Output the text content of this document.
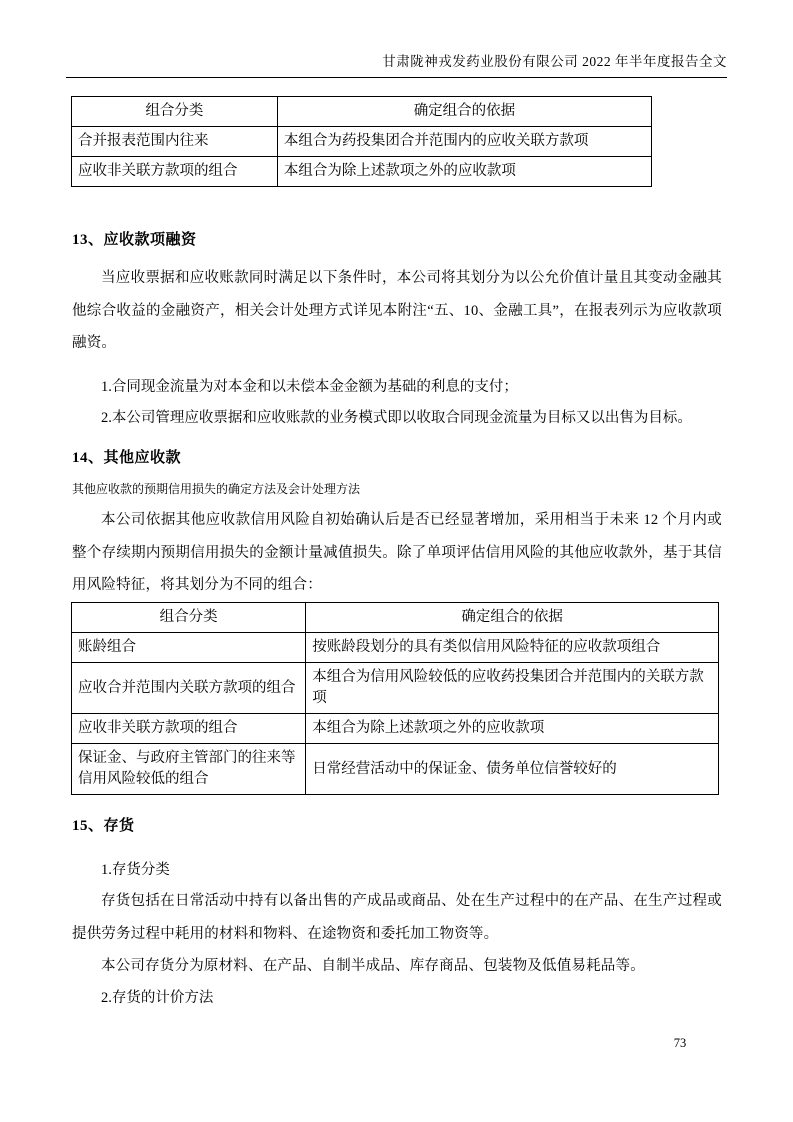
甘肃陇神戎发药业股份有限公司 2022 年半年度报告全文
组合分类	确定组合的依据
合并报表范围内往来	本组合为药投集团合并范围内的应收关联方款项
应收非关联方款项的组合	本组合为除上述款项之外的应收款项
13、应收款项融资
当应收票据和应收账款同时满足以下条件时，本公司将其划分为以公允价值计量且其变动金融其他综合收益的金融资产，相关会计处理方式详见本附注“五、10、金融工具”，在报表列示为应收款项融资。
1.合同现金流量为对本金和以未偿本金金额为基础的利息的支付；
2.本公司管理应收票据和应收账款的业务模式即以收取合同现金流量为目标又以出售为目标。
14、其他应收款
其他应收款的预期信用损失的确定方法及会计处理方法
本公司依据其他应收款信用风险自初始确认后是否已经显著增加，采用相当于未来 12 个月内或整个存续期内预期信用损失的金额计量减值损失。除了单项评估信用风险的其他应收款外，基于其信用风险特征，将其划分为不同的组合：
组合分类	确定组合的依据
账龄组合	按账龄段划分的具有类似信用风险特征的应收款项组合
应收合并范围内关联方款项的组合	本组合为信用风险较低的应收药投集团合并范围内的关联方款项
应收非关联方款项的组合	本组合为除上述款项之外的应收款项
保证金、与政府主管部门的往来等信用风险较低的组合	日常经营活动中的保证金、债务单位信誉较好的
15、存货
1.存货分类
存货包括在日常活动中持有以备出售的产成品或商品、处在生产过程中的在产品、在生产过程或提供劳务过程中耗用的材料和物料、在途物资和委托加工物资等。
本公司存货分为原材料、在产品、自制半成品、库存商品、包装物及低值易耗品等。
2.存货的计价方法
73
